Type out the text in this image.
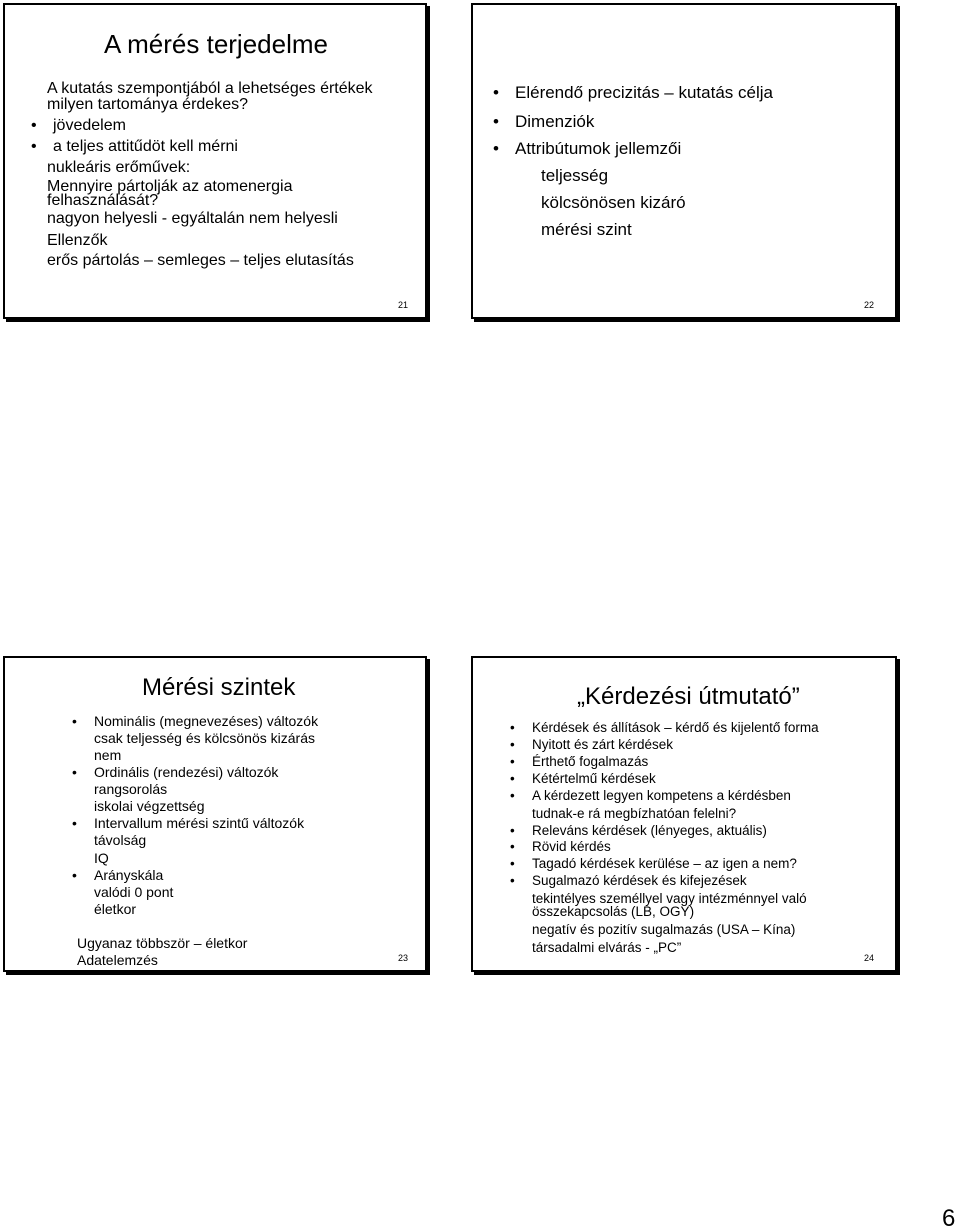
A mérés terjedelme
A kutatás szempontjából a lehetséges értékek
milyen tartománya érdekes?
• jövedelem
• a teljes attitűdöt kell mérni
nukleáris erőművek:
Mennyire pártolják az atomenergia
felhasználását?
nagyon helyesli - egyáltalán nem helyesli
Ellenzők
erős pártolás – semleges – teljes elutasítás
21
• Elérendő precizitás – kutatás célja
• Dimenziók
• Attribútumok jellemzői
teljesség
kölcsönösen kizáró
mérési szint
22
Mérési szintek
• Nominális (megnevezéses) változók
csak teljesség és kölcsönös kizárás
nem
• Ordinális (rendezési) változók
rangsorolás
iskolai végzettség
• Intervallum mérési szintű változók
távolság
IQ
• Arányskála
valódi 0 pont
életkor
Ugyanaz többször – életkor
Adatelemzés	23
„Kérdezési útmutató”
• Kérdések és állítások – kérdő és kijelentő forma
• Nyitott és zárt kérdések
• Érthető fogalmazás
• Kétértelmű kérdések
• A kérdezett legyen kompetens a kérdésben
tudnak-e rá megbízhatóan felelni?
• Releváns kérdések (lényeges, aktuális)
• Rövid kérdés
• Tagadó kérdések kerülése – az igen a nem?
• Sugalmazó kérdések és kifejezések
tekintélyes személlyel vagy intézménnyel való
összekapcsolás (LB, OGY)
negatív és pozitív sugalmazás (USA – Kína)
társadalmi elvárás - „PC”
24
6
